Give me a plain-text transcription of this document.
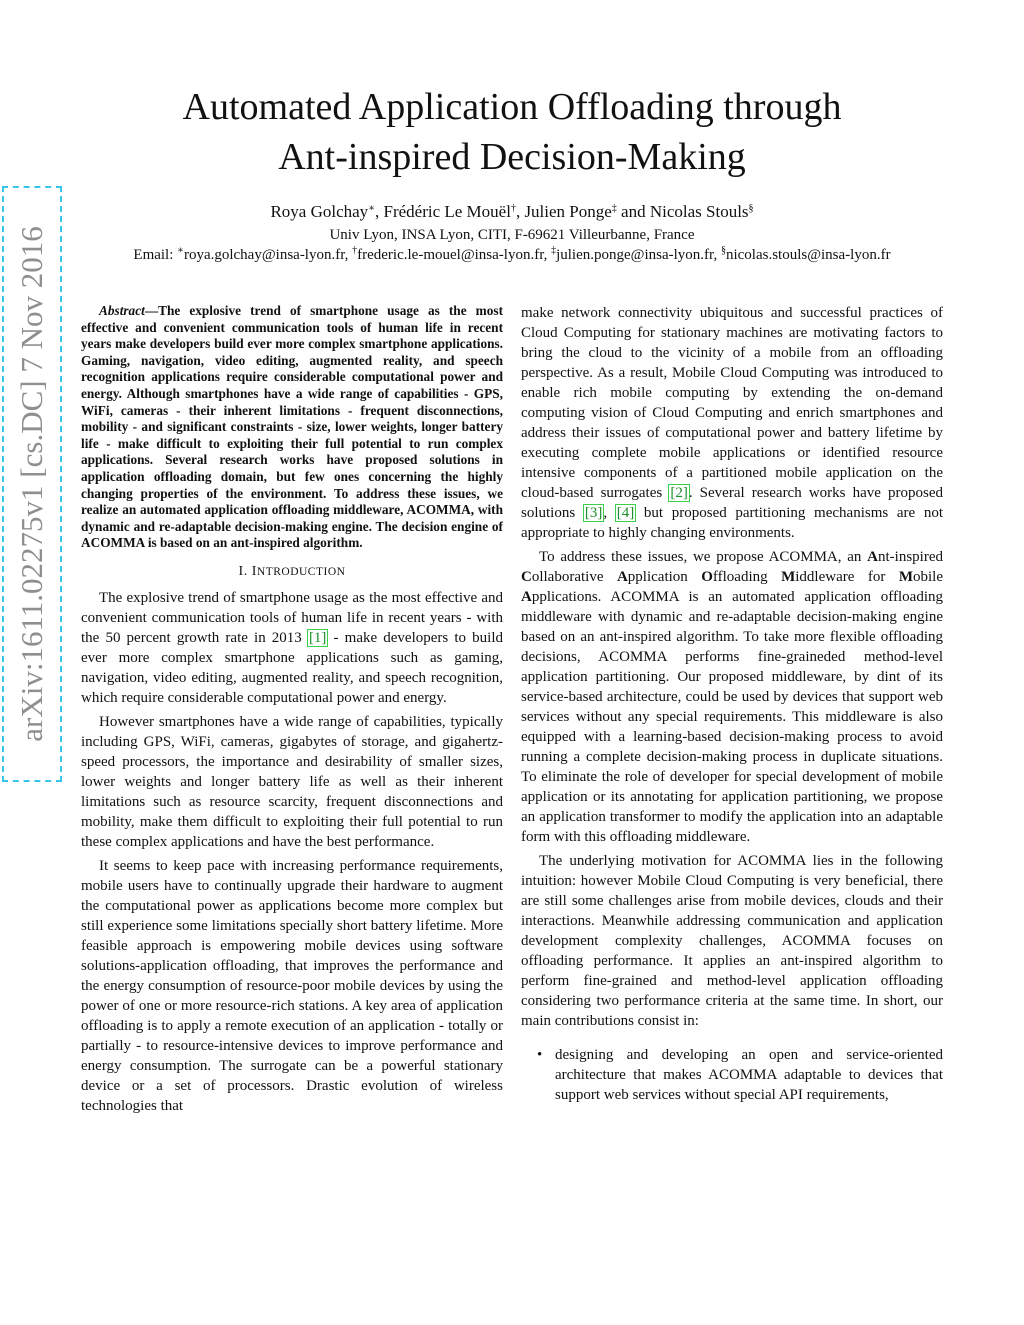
arXiv:1611.02275v1 [cs.DC] 7 Nov 2016
Automated Application Offloading through
Ant-inspired Decision-Making
Roya Golchay∗, Frédéric Le Mouël†, Julien Ponge‡ and Nicolas Stouls§
Univ Lyon, INSA Lyon, CITI, F-69621 Villeurbanne, France
Email: ∗roya.golchay@insa-lyon.fr, †frederic.le-mouel@insa-lyon.fr, ‡julien.ponge@insa-lyon.fr, §nicolas.stouls@insa-lyon.fr

Abstract—The explosive trend of smartphone usage as the most effective and convenient communication tools of human life in recent years make developers build ever more complex smartphone applications. Gaming, navigation, video editing, augmented reality, and speech recognition applications require considerable computational power and energy. Although smartphones have a wide range of capabilities - GPS, WiFi, cameras - their inherent limitations - frequent disconnections, mobility - and significant constraints - size, lower weights, longer battery life - make difficult to exploiting their full potential to run complex applications. Several research works have proposed solutions in application offloading domain, but few ones concerning the highly changing properties of the environment. To address these issues, we realize an automated application offloading middleware, ACOMMA, with dynamic and re-adaptable decision-making engine. The decision engine of ACOMMA is based on an ant-inspired algorithm.

I. INTRODUCTION

The explosive trend of smartphone usage as the most effective and convenient communication tools of human life in recent years - with the 50 percent growth rate in 2013 [1] - make developers to build ever more complex smartphone applications such as gaming, navigation, video editing, augmented reality, and speech recognition, which require considerable computational power and energy.

However smartphones have a wide range of capabilities, typically including GPS, WiFi, cameras, gigabytes of storage, and gigahertz-speed processors, the importance and desirability of smaller sizes, lower weights and longer battery life as well as their inherent limitations such as resource scarcity, frequent disconnections and mobility, make them difficult to exploiting their full potential to run these complex applications and have the best performance.

It seems to keep pace with increasing performance requirements, mobile users have to continually upgrade their hardware to augment the computational power as applications become more complex but still experience some limitations specially short battery lifetime. More feasible approach is empowering mobile devices using software solutions-application offloading, that improves the performance and the energy consumption of resource-poor mobile devices by using the power of one or more resource-rich stations. A key area of application offloading is to apply a remote execution of an application - totally or partially - to resource-intensive devices to improve performance and energy consumption. The surrogate can be a powerful stationary device or a set of processors. Drastic evolution of wireless technologies that

make network connectivity ubiquitous and successful practices of Cloud Computing for stationary machines are motivating factors to bring the cloud to the vicinity of a mobile from an offloading perspective. As a result, Mobile Cloud Computing was introduced to enable rich mobile computing by extending the on-demand computing vision of Cloud Computing and enrich smartphones and address their issues of computational power and battery lifetime by executing complete mobile applications or identified resource intensive components of a partitioned mobile application on the cloud-based surrogates [2]. Several research works have proposed solutions [3], [4] but proposed partitioning mechanisms are not appropriate to highly changing environments.

To address these issues, we propose ACOMMA, an Ant-inspired Collaborative Application Offloading Middleware for Mobile Applications. ACOMMA is an automated application offloading middleware with dynamic and re-adaptable decision-making engine based on an ant-inspired algorithm. To take more flexible offloading decisions, ACOMMA performs fine-graineded method-level application partitioning. Our proposed middleware, by dint of its service-based architecture, could be used by devices that support web services without any special requirements. This middleware is also equipped with a learning-based decision-making process to avoid running a complete decision-making process in duplicate situations. To eliminate the role of developer for special development of mobile application or its annotating for application partitioning, we propose an application transformer to modify the application into an adaptable form with this offloading middleware.

The underlying motivation for ACOMMA lies in the following intuition: however Mobile Cloud Computing is very beneficial, there are still some challenges arise from mobile devices, clouds and their interactions. Meanwhile addressing communication and application development complexity challenges, ACOMMA focuses on offloading performance. It applies an ant-inspired algorithm to perform fine-grained and method-level application offloading considering two performance criteria at the same time. In short, our main contributions consist in:

• designing and developing an open and service-oriented architecture that makes ACOMMA adaptable to devices that support web services without special API requirements,
